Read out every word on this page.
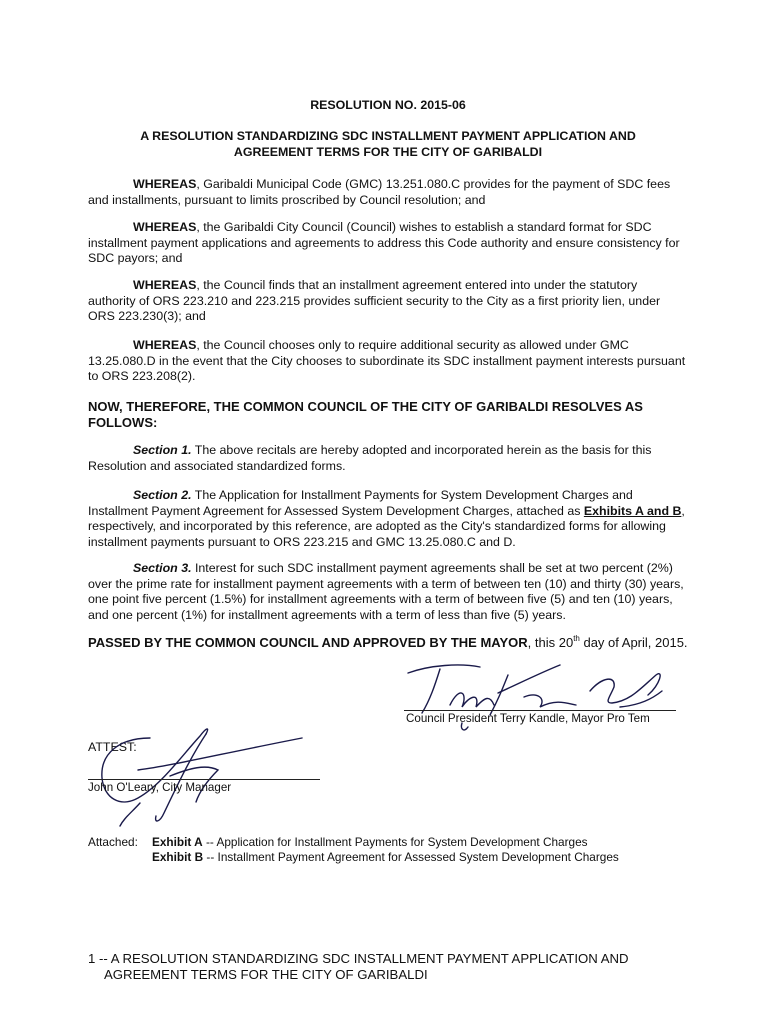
RESOLUTION NO. 2015-06

A RESOLUTION STANDARDIZING SDC INSTALLMENT PAYMENT APPLICATION AND

AGREEMENT TERMS FOR THE CITY OF GARIBALDI

WHEREAS, Garibaldi Municipal Code (GMC) 13.251.080.C provides for the payment of SDC fees and installments, pursuant to limits proscribed by Council resolution; and
WHEREAS, the Garibaldi City Council (Council) wishes to establish a standard format for SDC installment payment applications and agreements to address this Code authority and ensure consistency for SDC payors; and
WHEREAS, the Council finds that an installment agreement entered into under the statutory authority of ORS 223.210 and 223.215 provides sufficient security to the City as a first priority lien, under ORS 223.230(3); and
WHEREAS, the Council chooses only to require additional security as allowed under GMC 13.25.080.D in the event that the City chooses to subordinate its SDC installment payment interests pursuant to ORS 223.208(2).

NOW, THEREFORE, THE COMMON COUNCIL OF THE CITY OF GARIBALDI RESOLVES AS FOLLOWS:

Section 1. The above recitals are hereby adopted and incorporated herein as the basis for this Resolution and associated standardized forms.
Section 2. The Application for Installment Payments for System Development Charges and Installment Payment Agreement for Assessed System Development Charges, attached as Exhibits A and B, respectively, and incorporated by this reference, are adopted as the City's standardized forms for allowing installment payments pursuant to ORS 223.215 and GMC 13.25.080.C and D.
Section 3. Interest for such SDC installment payment agreements shall be set at two percent (2%) over the prime rate for installment payment agreements with a term of between ten (10) and thirty (30) years, one point five percent (1.5%) for installment agreements with a term of between five (5) and ten (10) years, and one percent (1%) for installment agreements with a term of less than five (5) years.
PASSED BY THE COMMON COUNCIL AND APPROVED BY THE MAYOR, this 20th day of April, 2015.

Council President Terry Kandle, Mayor Pro Tem

ATTEST:

John O'Leary, City Manager

Attached: Exhibit A -- Application for Installment Payments for System Development Charges
Exhibit B -- Installment Payment Agreement for Assessed System Development Charges
1 -- A RESOLUTION STANDARDIZING SDC INSTALLMENT PAYMENT APPLICATION AND
AGREEMENT TERMS FOR THE CITY OF GARIBALDI
